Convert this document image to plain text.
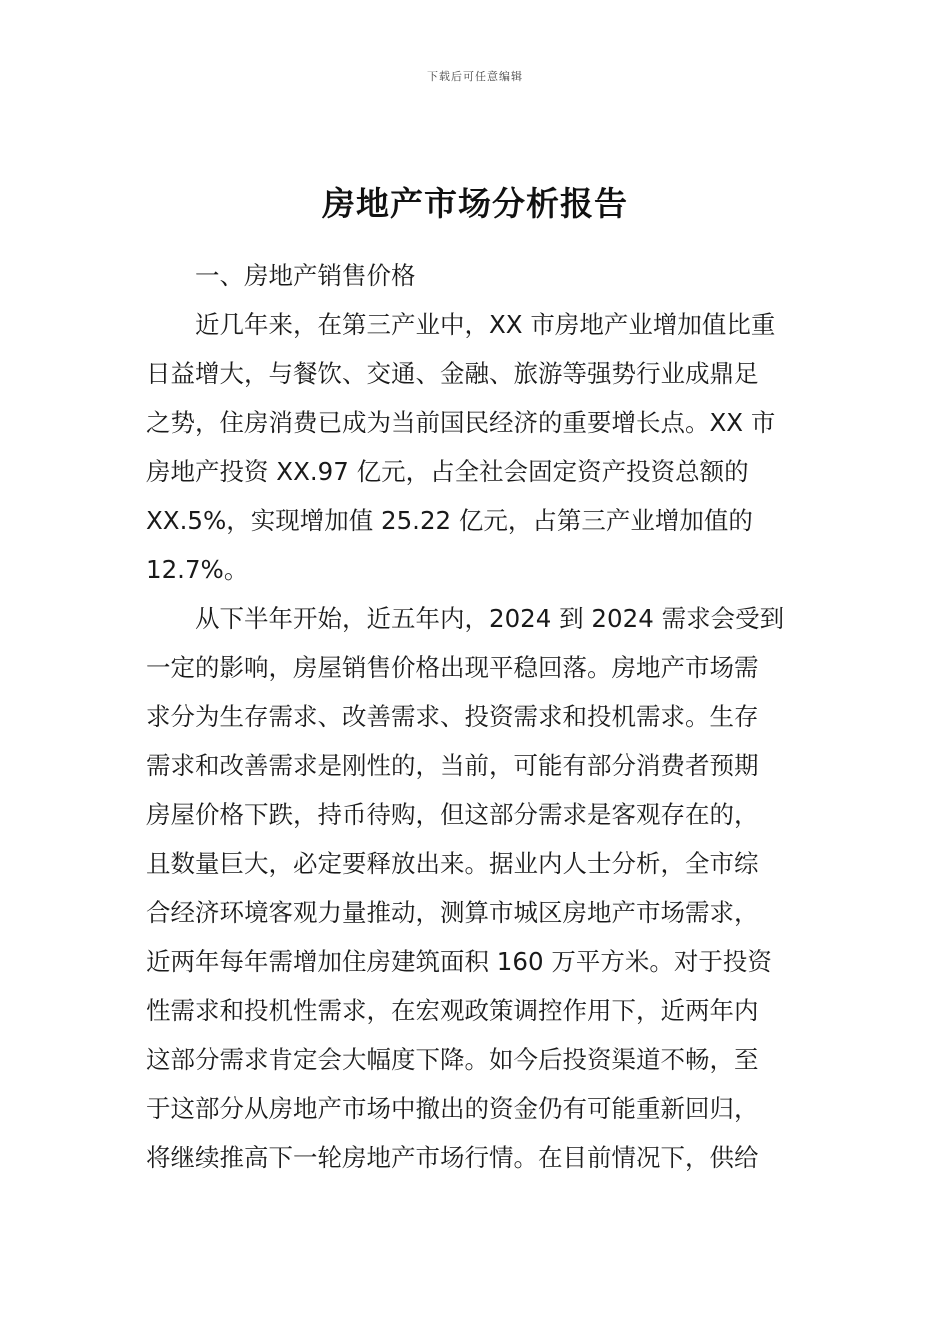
下载后可任意编辑
房地产市场分析报告
一、房地产销售价格
近几年来，在第三产业中，XX 市房地产业增加值比重
日益增大，与餐饮、交通、金融、旅游等强势行业成鼎足
之势，住房消费已成为当前国民经济的重要增长点。XX 市
房地产投资 XX.97 亿元，占全社会固定资产投资总额的
XX.5%，实现增加值 25.22 亿元，占第三产业增加值的
12.7%。
从下半年开始，近五年内，2024 到 2024 需求会受到
一定的影响，房屋销售价格出现平稳回落。房地产市场需
求分为生存需求、改善需求、投资需求和投机需求。生存
需求和改善需求是刚性的，当前，可能有部分消费者预期
房屋价格下跌，持币待购，但这部分需求是客观存在的，
且数量巨大，必定要释放出来。据业内人士分析，全市综
合经济环境客观力量推动，测算市城区房地产市场需求，
近两年每年需增加住房建筑面积 160 万平方米。对于投资
性需求和投机性需求，在宏观政策调控作用下，近两年内
这部分需求肯定会大幅度下降。如今后投资渠道不畅，至
于这部分从房地产市场中撤出的资金仍有可能重新回归，
将继续推高下一轮房地产市场行情。在目前情况下，供给
